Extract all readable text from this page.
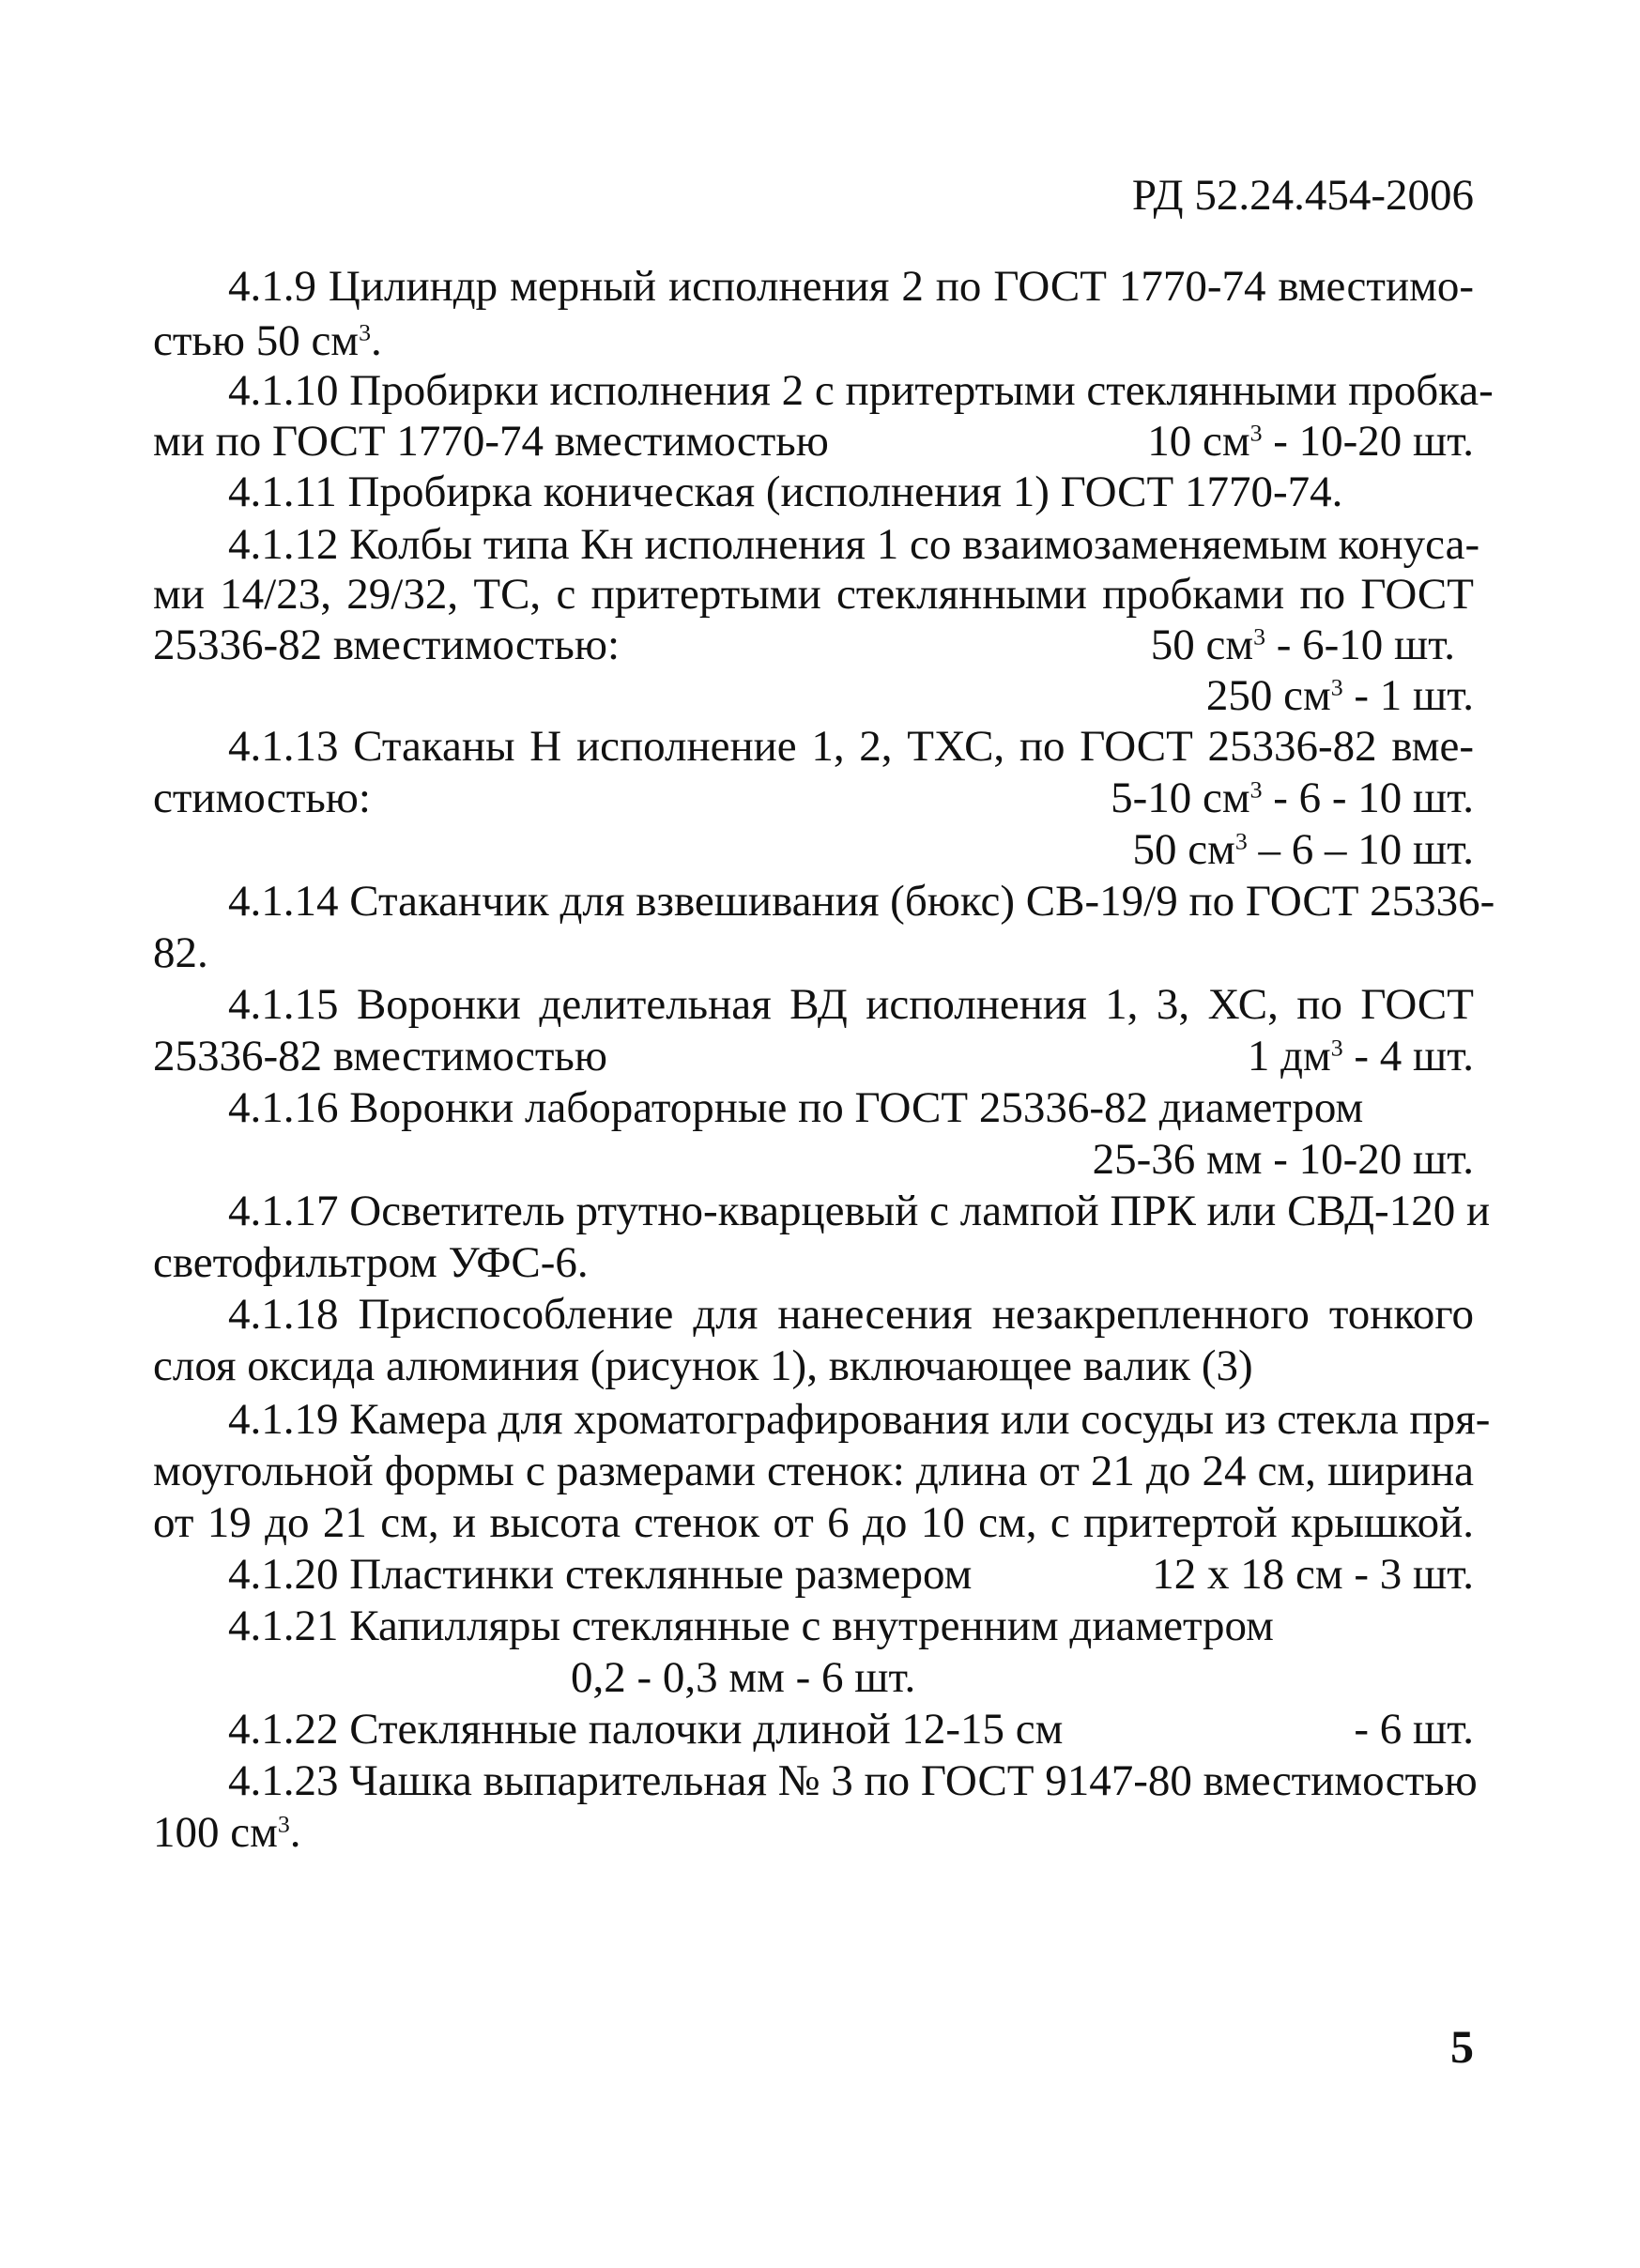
РД 52.24.454-2006
4.1.9 Цилиндр мерный исполнения 2 по ГОСТ 1770-74 вместимо-
стью 50 $см^3$.
4.1.10 Пробирки исполнения 2 с притертыми стеклянными пробка-
ми по ГОСТ 1770-74 вместимостью	10 $см^3 - 10-20$ шт.
4.1.11 Пробирка коническая (исполнения 1) ГОСТ 1770-74.
4.1.12 Колбы типа Кн исполнения 1 со взаимозаменяемым конуса-
ми 14/23, 29/32, ТС, с притертыми стеклянными пробками по ГОСТ
25336-82 вместимостью:	50 $см^3 - 6-10$ шт.
250 $см^3 - 1$ шт.
4.1.13 Стаканы Н исполнение 1, 2, ТХС, по ГОСТ 25336-82 вме-
стимостью:	5-10 $см^3 - 6 - 10$ шт.
50 $см^3 - 6 - 10$ шт.
4.1.14 Стаканчик для взвешивания (бюкс) СВ-19/9 по ГОСТ 25336-
82.
4.1.15 Воронки делительная ВД исполнения 1, 3, ХС, по ГОСТ
25336-82 вместимостью	1 $дм^3 - 4$ шт.
4.1.16 Воронки лабораторные по ГОСТ 25336-82 диаметром
25-36 мм - 10-20 шт.
4.1.17 Осветитель ртутно-кварцевый с лампой ПРК или СВД-120 и
светофильтром УФС-6.
4.1.18 Приспособление для нанесения незакрепленного тонкого
слоя оксида алюминия (рисунок 1), включающее валик (3)
4.1.19 Камера для хроматографирования или сосуды из стекла пря-
моугольной формы с размерами стенок: длина от 21 до 24 см, ширина
от 19 до 21 см, и высота стенок от 6 до 10 см, с притертой крышкой.
4.1.20 Пластинки стеклянные размером	12 х 18 см - 3 шт.
4.1.21 Капилляры стеклянные с внутренним диаметром
0,2 - 0,3 мм - 6 шт.
4.1.22 Стеклянные палочки длиной 12-15 см	- 6 шт.
4.1.23 Чашка выпарительная № 3 по ГОСТ 9147-80 вместимостью
100 $см^3$.
5
